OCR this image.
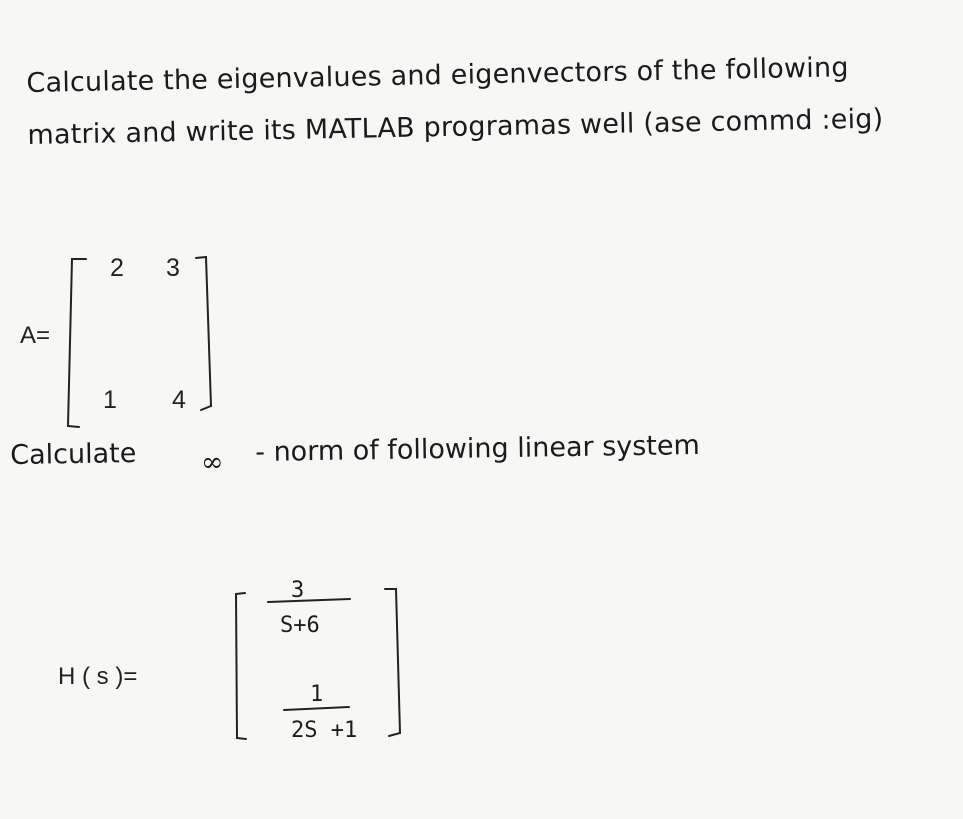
Calculate the eigenvalues and eigenvectors of the following
matrix and write its MATLAB programas well (ase commd :eig)
A=
2 3
1 4
Calculate ∞ - norm of following linear system
H ( s )=
3
S+6
1
2S +1
